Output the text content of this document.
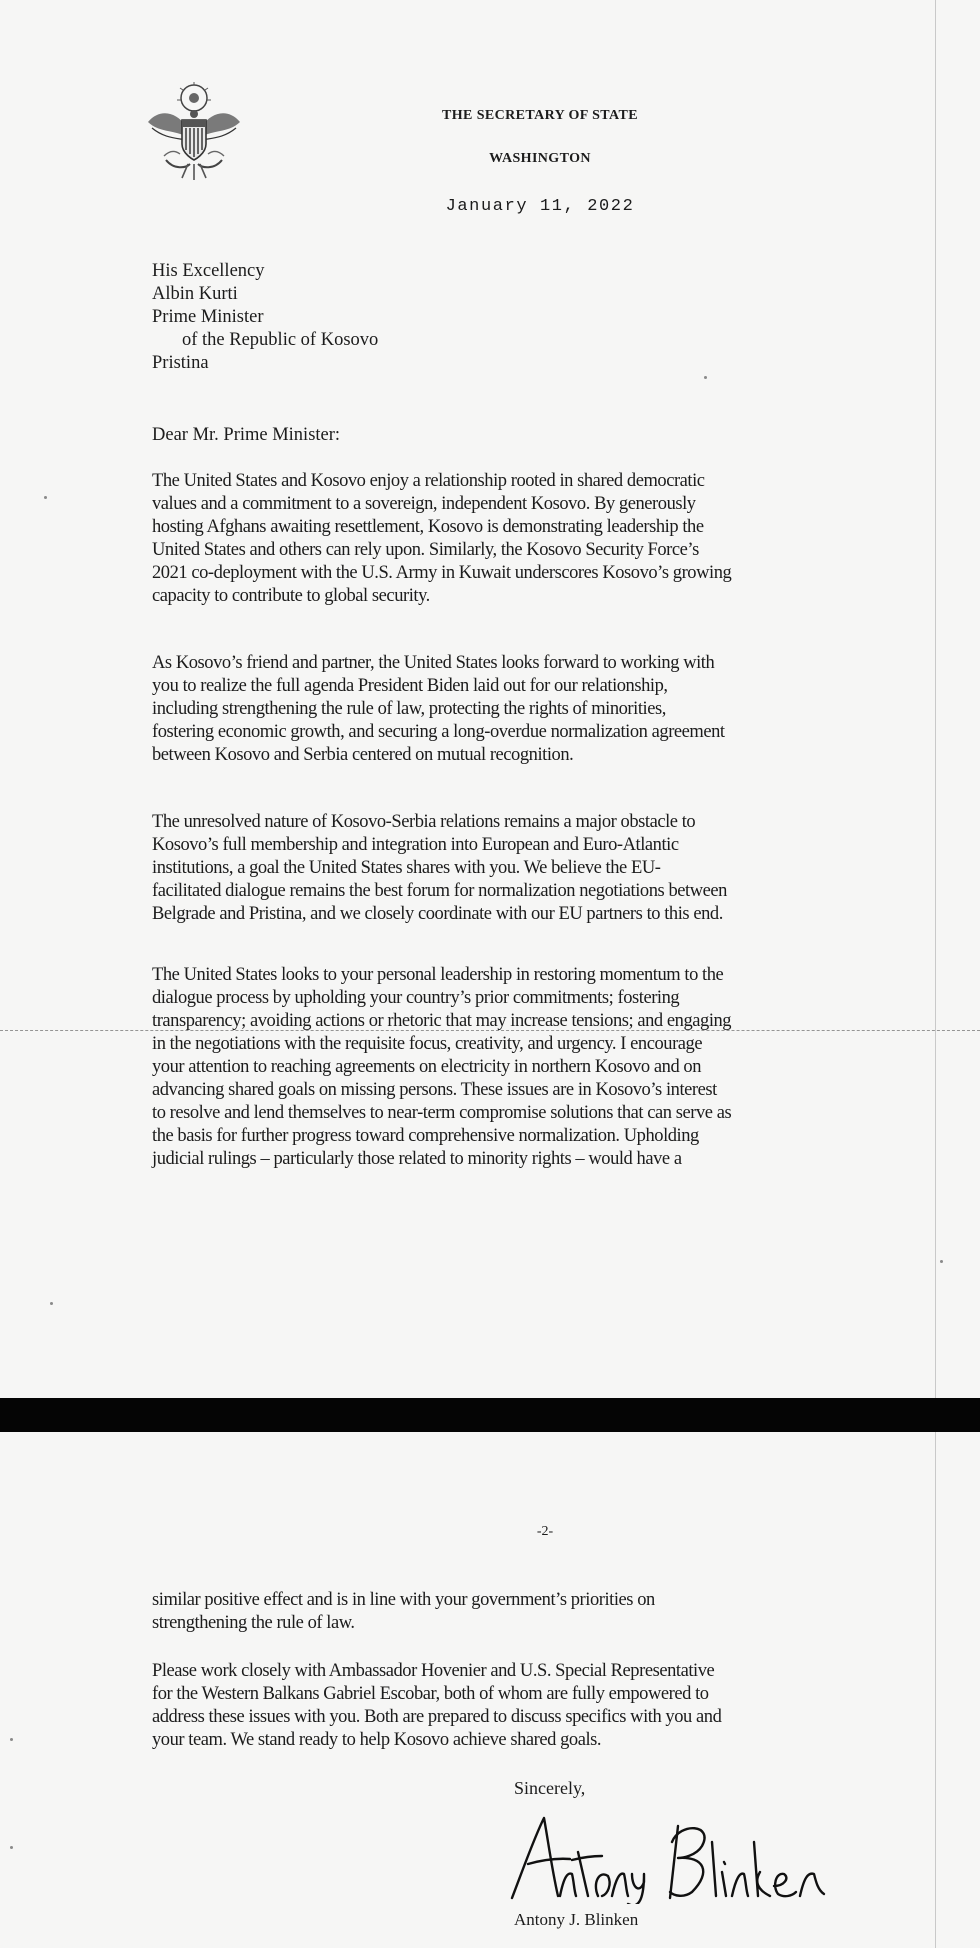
THE SECRETARY OF STATE
WASHINGTON
January 11, 2022
His Excellency
Albin Kurti
Prime Minister
of the Republic of Kosovo
Pristina
Dear Mr. Prime Minister:
The United States and Kosovo enjoy a relationship rooted in shared democratic
values and a commitment to a sovereign, independent Kosovo. By generously
hosting Afghans awaiting resettlement, Kosovo is demonstrating leadership the
United States and others can rely upon. Similarly, the Kosovo Security Force’s
2021 co-deployment with the U.S. Army in Kuwait underscores Kosovo’s growing
capacity to contribute to global security.
As Kosovo’s friend and partner, the United States looks forward to working with
you to realize the full agenda President Biden laid out for our relationship,
including strengthening the rule of law, protecting the rights of minorities,
fostering economic growth, and securing a long-overdue normalization agreement
between Kosovo and Serbia centered on mutual recognition.
The unresolved nature of Kosovo-Serbia relations remains a major obstacle to
Kosovo’s full membership and integration into European and Euro-Atlantic
institutions, a goal the United States shares with you. We believe the EU-
facilitated dialogue remains the best forum for normalization negotiations between
Belgrade and Pristina, and we closely coordinate with our EU partners to this end.
The United States looks to your personal leadership in restoring momentum to the
dialogue process by upholding your country’s prior commitments; fostering
transparency; avoiding actions or rhetoric that may increase tensions; and engaging
in the negotiations with the requisite focus, creativity, and urgency. I encourage
your attention to reaching agreements on electricity in northern Kosovo and on
advancing shared goals on missing persons. These issues are in Kosovo’s interest
to resolve and lend themselves to near-term compromise solutions that can serve as
the basis for further progress toward comprehensive normalization. Upholding
judicial rulings – particularly those related to minority rights – would have a
-2-
similar positive effect and is in line with your government’s priorities on
strengthening the rule of law.
Please work closely with Ambassador Hovenier and U.S. Special Representative
for the Western Balkans Gabriel Escobar, both of whom are fully empowered to
address these issues with you. Both are prepared to discuss specifics with you and
your team. We stand ready to help Kosovo achieve shared goals.
Sincerely,
Antony J. Blinken
